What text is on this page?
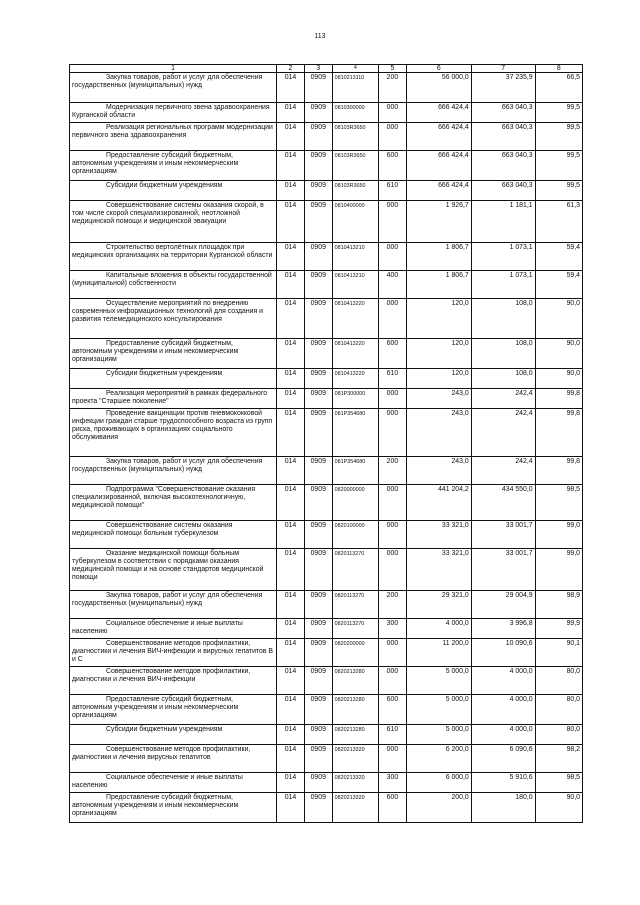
113
1	2	3	4	5	6	7	8
Закупка товаров, работ и услуг для обеспечения государственных (муниципальных) нужд	014	0909	0810213110	200	56 000,0	37 235,9	66,5
Модернизация первичного звена здравоохранения Курганской области	014	0909	0810300000	000	666 424,4	663 040,3	99,5
Реализация региональных программ модернизации первичного звена здравоохранения	014	0909	08103R3650	000	666 424,4	663 040,3	99,5
Предоставление субсидий бюджетным, автономным учреждениям и иным некоммерческим организациям	014	0909	08103R3650	600	666 424,4	663 040,3	99,5
Субсидии бюджетным учреждениям	014	0909	08103R3650	610	666 424,4	663 040,3	99,5
Совершенствование системы оказания скорой, в том числе скорой специализированной, неотложной медицинской помощи и медицинской эвакуации	014	0909	0810400000	000	1 926,7	1 181,1	61,3
Строительство вертолётных площадок при медицинских организациях на территории Курганской области	014	0909	0810413210	000	1 806,7	1 073,1	59,4
Капитальные вложения в объекты государственной (муниципальной) собственности	014	0909	0810413210	400	1 806,7	1 073,1	59,4
Осуществление мероприятий по внедрению современных информационных технологий для создания и развития телемедицинского консультирования	014	0909	0810413220	000	120,0	108,0	90,0
Предоставление субсидий бюджетным, автономным учреждениям и иным некоммерческим организациям	014	0909	0810413220	600	120,0	108,0	90,0
Субсидии бюджетным учреждениям	014	0909	0810413220	610	120,0	108,0	90,0
Реализация мероприятий в рамках федерального проекта "Старшее поколение"	014	0909	081P300000	000	243,0	242,4	99,8
Проведение вакцинации против пневмококковой инфекции граждан старше трудоспособного возраста из групп риска, проживающих в организациях социального обслуживания	014	0909	081P354680	000	243,0	242,4	99,8
Закупка товаров, работ и услуг для обеспечения государственных (муниципальных) нужд	014	0909	081P354680	200	243,0	242,4	99,8
Подпрограмма "Совершенствование оказания специализированной, включая высокотехнологичную, медицинской помощи"	014	0909	0820000000	000	441 204,2	434 550,0	98,5
Совершенствование системы оказания медицинской помощи больным туберкулезом	014	0909	0820100000	000	33 321,0	33 001,7	99,0
Оказание медицинской помощи больным туберкулезом в соответствии с порядками оказания медицинской помощи и на основе стандартов медицинской помощи	014	0909	0820113270	000	33 321,0	33 001,7	99,0
Закупка товаров, работ и услуг для обеспечения государственных (муниципальных) нужд	014	0909	0820113270	200	29 321,0	29 004,9	98,9
Социальное обеспечение и иные выплаты населению	014	0909	0820113270	300	4 000,0	3 996,8	99,9
Совершенствование методов профилактики, диагностики и лечения ВИЧ-инфекции и вирусных гепатитов В и С	014	0909	0820200000	000	11 200,0	10 090,6	90,1
Совершенствование методов профилактики, диагностики и лечения ВИЧ-инфекции	014	0909	0820213280	000	5 000,0	4 000,0	80,0
Предоставление субсидий бюджетным, автономным учреждениям и иным некоммерческим организациям	014	0909	0820213280	600	5 000,0	4 000,0	80,0
Субсидии бюджетным учреждениям	014	0909	0820213280	610	5 000,0	4 000,0	80,0
Совершенствование методов профилактики, диагностики и лечения вирусных гепатитов	014	0909	0820213320	000	6 200,0	6 090,6	98,2
Социальное обеспечение и иные выплаты населению	014	0909	0820213320	300	6 000,0	5 910,6	98,5
Предоставление субсидий бюджетным, автономным учреждениям и иным некоммерческим организациям	014	0909	0820213320	600	200,0	180,0	90,0
